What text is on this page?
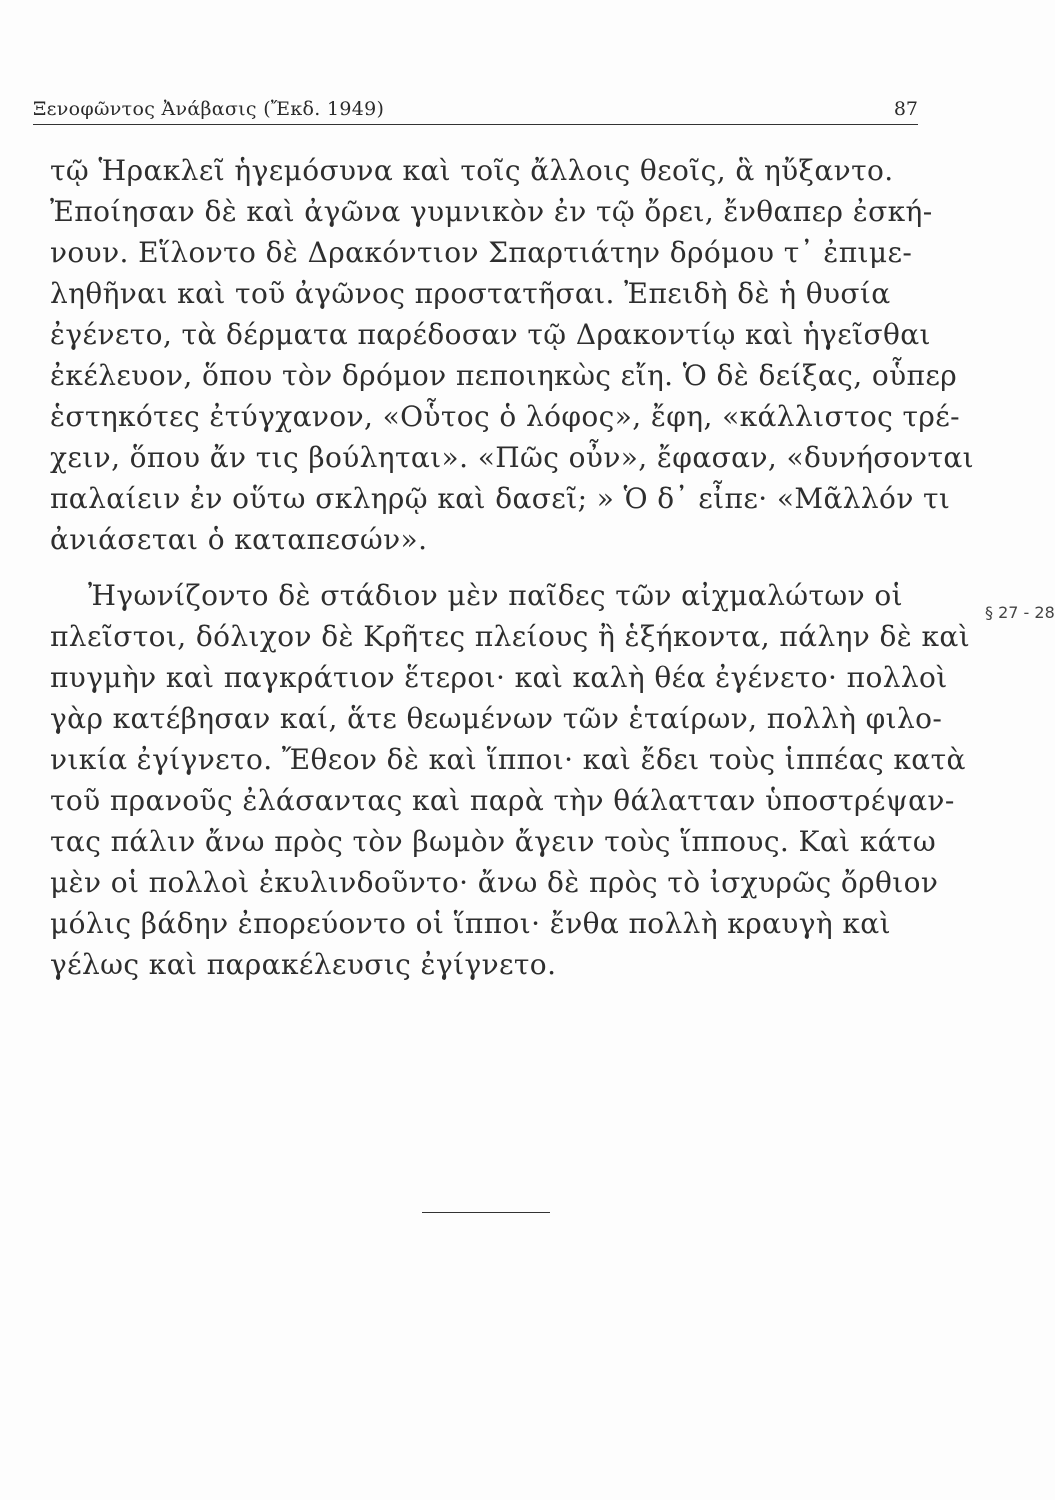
Ξενοφῶντος Ἀνάβασις (Ἔκδ. 1949)	87
τῷ Ἡρακλεῖ ἡγεμόσυνα καὶ τοῖς ἄλλοις θεοῖς, ἃ ηὔξαντο.
Ἐποίησαν δὲ καὶ ἀγῶνα γυμνικὸν ἐν τῷ ὄρει, ἔνθαπερ ἐσκή-
νουν. Εἵλοντο δὲ Δρακόντιον Σπαρτιάτην δρόμου τ᾽ ἐπιμε-
ληθῆναι καὶ τοῦ ἀγῶνος προστατῆσαι. Ἐπειδὴ δὲ ἡ θυσία
ἐγένετο, τὰ δέρματα παρέδοσαν τῷ Δρακοντίῳ καὶ ἡγεῖσθαι
ἐκέλευον, ὅπου τὸν δρόμον πεποιηκὼς εἴη. Ὁ δὲ δείξας, οὗπερ
ἑστηκότες ἐτύγχανον, «Οὗτος ὁ λόφος», ἔφη, «κάλλιστος τρέ-
χειν, ὅπου ἄν τις βούληται». «Πῶς οὖν», ἔφασαν, «δυνήσονται
παλαίειν ἐν οὕτω σκληρῷ καὶ δασεῖ; » Ὁ δ᾽ εἶπε· «Μᾶλλόν τι
ἀνιάσεται ὁ καταπεσών».
Ἠγωνίζοντο δὲ στάδιον μὲν παῖδες τῶν αἰχμαλώτων οἱ
πλεῖστοι, δόλιχον δὲ Κρῆτες πλείους ἢ ἑξήκοντα, πάλην δὲ καὶ
πυγμὴν καὶ παγκράτιον ἕτεροι· καὶ καλὴ θέα ἐγένετο· πολλοὶ
γὰρ κατέβησαν καί, ἅτε θεωμένων τῶν ἑταίρων, πολλὴ φιλο-
νικία ἐγίγνετο. Ἔθεον δὲ καὶ ἵπποι· καὶ ἔδει τοὺς ἱππέας κατὰ
τοῦ πρανοῦς ἐλάσαντας καὶ παρὰ τὴν θάλατταν ὑποστρέψαν-
τας πάλιν ἄνω πρὸς τὸν βωμὸν ἄγειν τοὺς ἵππους. Καὶ κάτω
μὲν οἱ πολλοὶ ἐκυλινδοῦντο· ἄνω δὲ πρὸς τὸ ἰσχυρῶς ὄρθιον
μόλις βάδην ἐπορεύοντο οἱ ἵπποι· ἔνθα πολλὴ κραυγὴ καὶ
γέλως καὶ παρακέλευσις ἐγίγνετο.
§ 27 - 28
